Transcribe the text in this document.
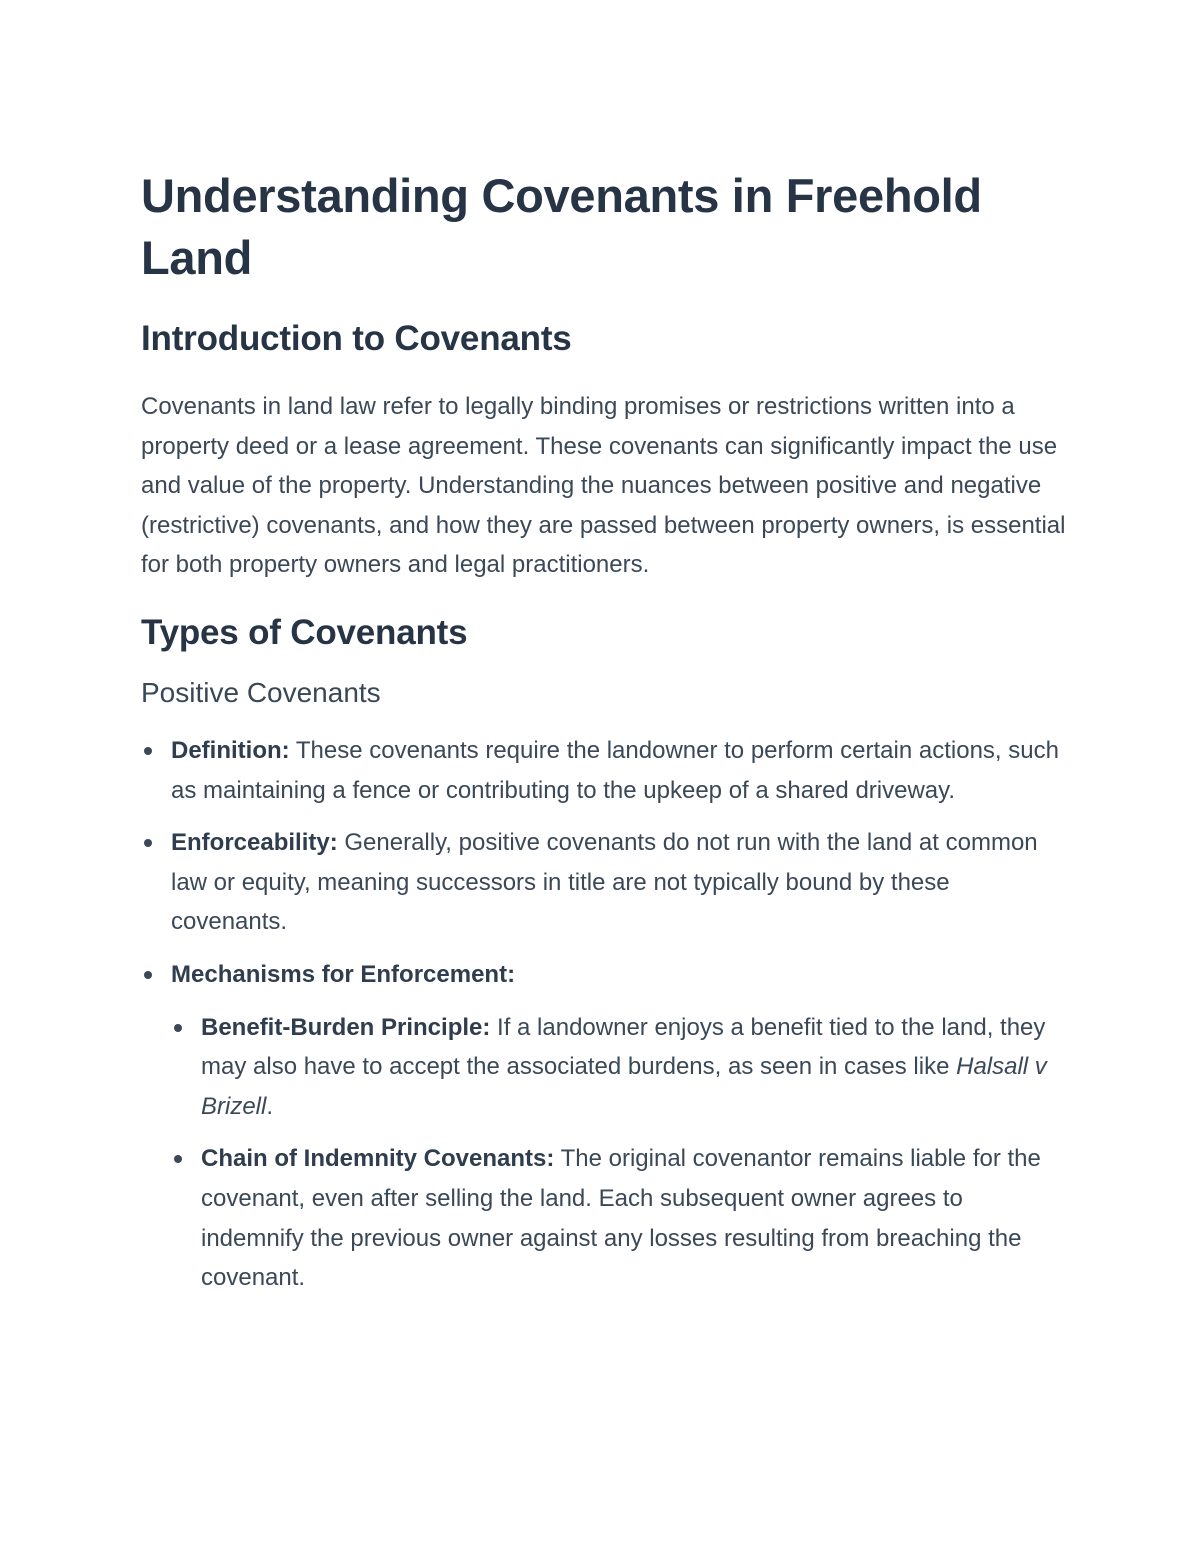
Understanding Covenants in Freehold Land
Introduction to Covenants

Covenants in land law refer to legally binding promises or restrictions written into a property deed or a lease agreement. These covenants can significantly impact the use and value of the property. Understanding the nuances between positive and negative (restrictive) covenants, and how they are passed between property owners, is essential for both property owners and legal practitioners.

Types of Covenants
Positive Covenants
Definition: These covenants require the landowner to perform certain actions, such as maintaining a fence or contributing to the upkeep of a shared driveway.
Enforceability: Generally, positive covenants do not run with the land at common law or equity, meaning successors in title are not typically bound by these covenants.
Mechanisms for Enforcement:
Benefit-Burden Principle: If a landowner enjoys a benefit tied to the land, they may also have to accept the associated burdens, as seen in cases like Halsall v Brizell.
Chain of Indemnity Covenants: The original covenantor remains liable for the covenant, even after selling the land. Each subsequent owner agrees to indemnify the previous owner against any losses resulting from breaching the covenant.
